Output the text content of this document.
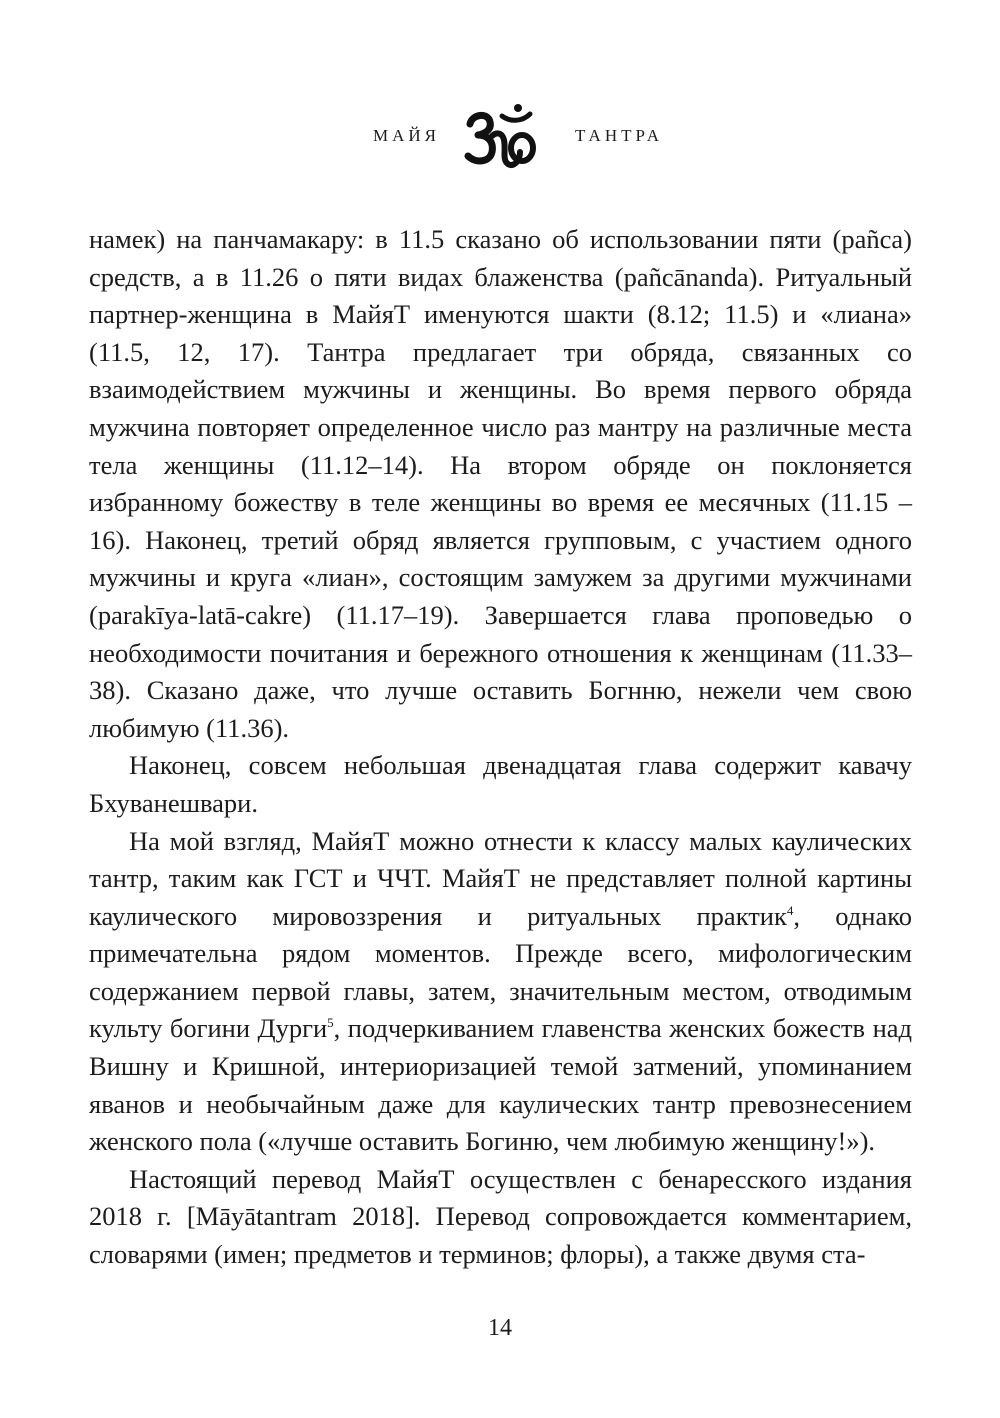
МАЙЯ	ТАНТРА

намек) на панчамакару: в 11.5 сказано об использовании пяти (pañca) средств, а в 11.26 о пяти видах блаженства (pañcānanda). Ритуальный партнер-женщина в МайяТ именуются шакти (8.12; 11.5) и «лиана» (11.5, 12, 17). Тантра предлагает три обряда, связанных со взаимодействием мужчины и женщины. Во время первого обряда мужчина повторяет определенное число раз мантру на различные места тела женщины (11.12–14). На втором обряде он поклоняется избранному божеству в теле женщины во время ее месячных (11.15 –16). Наконец, третий обряд является групповым, с участием одного мужчины и круга «лиан», состоящим замужем за другими мужчинами (parakīya-latā-cakre) (11.17–19). Завершается глава проповедью о необходимости почитания и бережного отношения к женщинам (11.33–38). Сказано даже, что лучше оставить Богнню, нежели чем свою любимую (11.36).

Наконец, совсем небольшая двенадцатая глава содержит кавачу Бхуванешвари.

На мой взгляд, МайяТ можно отнести к классу малых каулических тантр, таким как ГСТ и ЧЧТ. МайяТ не представляет полной картины каулического мировоззрения и ритуальных практик$^4$, однако примечательна рядом моментов. Прежде всего, мифологическим содержанием первой главы, затем, значительным местом, отводимым культу богини Дурги$^5$, подчеркиванием главенства женских божеств над Вишну и Кришной, интериоризацией темой затмений, упоминанием яванов и необычайным даже для каулических тантр превознесением женского пола («лучше оставить Богиню, чем любимую женщину!»).

Настоящий перевод МайяТ осуществлен с бенаресского издания 2018 г. [Māyātantram 2018]. Перевод сопровождается комментарием, словарями (имен; предметов и терминов; флоры), а также двумя ста-

14
